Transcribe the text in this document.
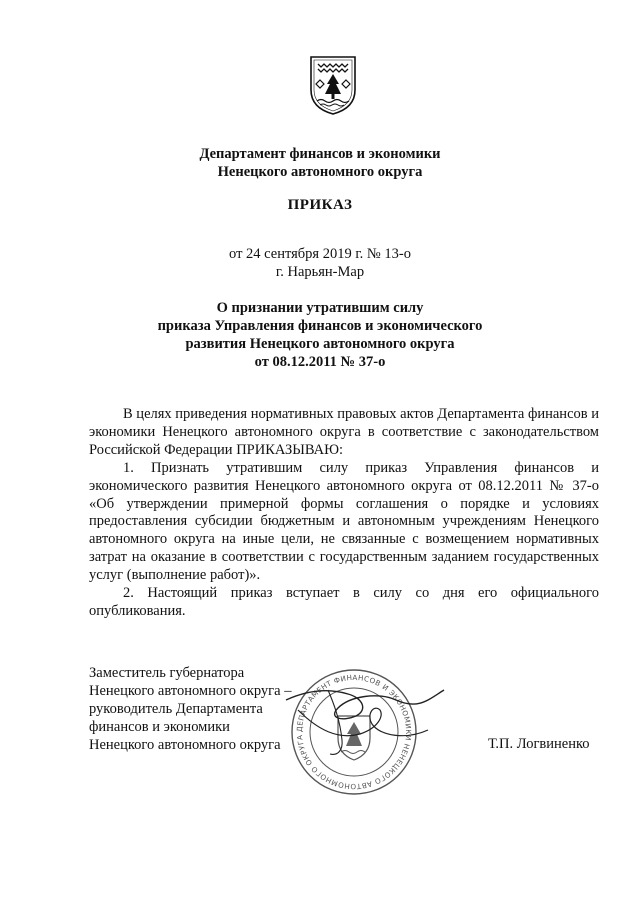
Департамент финансов и экономики
Ненецкого автономного округа
ПРИКАЗ
от 24 сентября 2019 г. № 13-о
г. Нарьян-Мар
О признании утратившим силу
приказа Управления финансов и экономического
развития Ненецкого автономного округа
от 08.12.2011 № 37-о

В целях приведения нормативных правовых актов Департамента финансов и экономики Ненецкого автономного округа в соответствие с законодательством Российской Федерации ПРИКАЗЫВАЮ:

1. Признать утратившим силу приказ Управления финансов и экономического развития Ненецкого автономного округа от 08.12.2011 № 37-о «Об утверждении примерной формы соглашения о порядке и условиях предоставления субсидии бюджетным и автономным учреждениям Ненецкого автономного округа на иные цели, не связанные с возмещением нормативных затрат на оказание в соответствии с государственным заданием государственных услуг (выполнение работ)».

2. Настоящий приказ вступает в силу со дня его официального опубликования.

ДЕПАРТАМЕНТ ФИНАНСОВ И ЭКОНОМИКИ НЕНЕЦКОГО АВТОНОМНОГО ОКРУГА
Заместитель губернатора
Ненецкого автономного округа –
руководитель Департамента
финансов и экономики
Ненецкого автономного округа	Т.П. Логвиненко
